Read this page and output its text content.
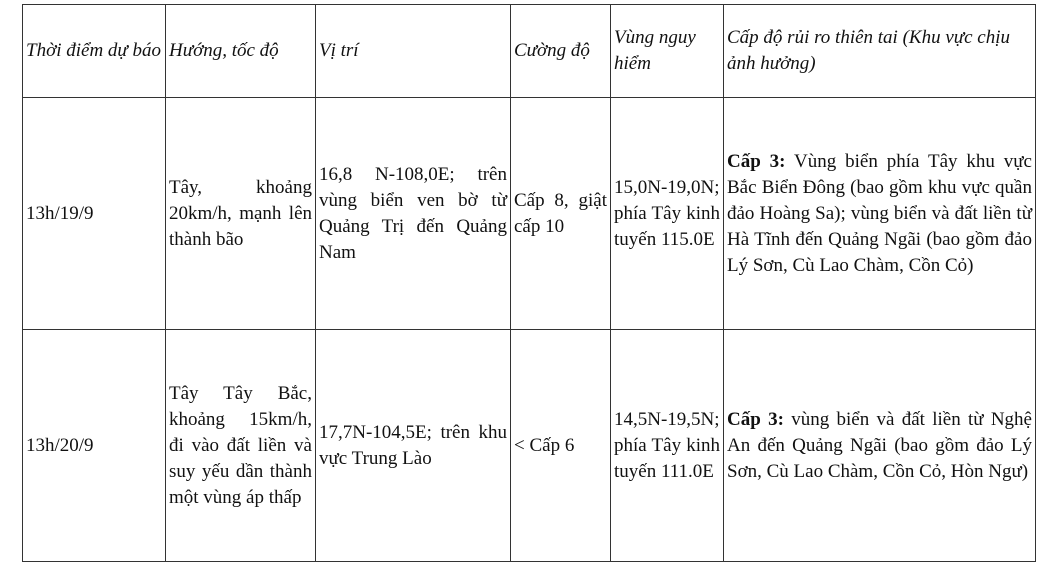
Thời điểm dự báo	Hướng, tốc độ	Vị trí	Cường độ	Vùng nguy hiểm	Cấp độ rủi ro thiên tai (Khu vực chịu ảnh hưởng)
13h/19/9	Tây, khoảng 20km/h, mạnh lên thành bão	16,8 N-108,0E; trên vùng biển ven bờ từ Quảng Trị đến Quảng Nam	Cấp 8, giật cấp 10	15,0N-19,0N; phía Tây kinh tuyến 115.0E	Cấp 3: Vùng biển phía Tây khu vực Bắc Biển Đông (bao gồm khu vực quần đảo Hoàng Sa); vùng biển và đất liền từ Hà Tĩnh đến Quảng Ngãi (bao gồm đảo Lý Sơn, Cù Lao Chàm, Cồn Cỏ)
13h/20/9	Tây Tây Bắc, khoảng 15km/h, đi vào đất liền và suy yếu dần thành một vùng áp thấp	17,7N-104,5E; trên khu vực Trung Lào	< Cấp 6	14,5N-19,5N; phía Tây kinh tuyến 111.0E	Cấp 3: vùng biển và đất liền từ Nghệ An đến Quảng Ngãi (bao gồm đảo Lý Sơn, Cù Lao Chàm, Cồn Cỏ, Hòn Ngư)
